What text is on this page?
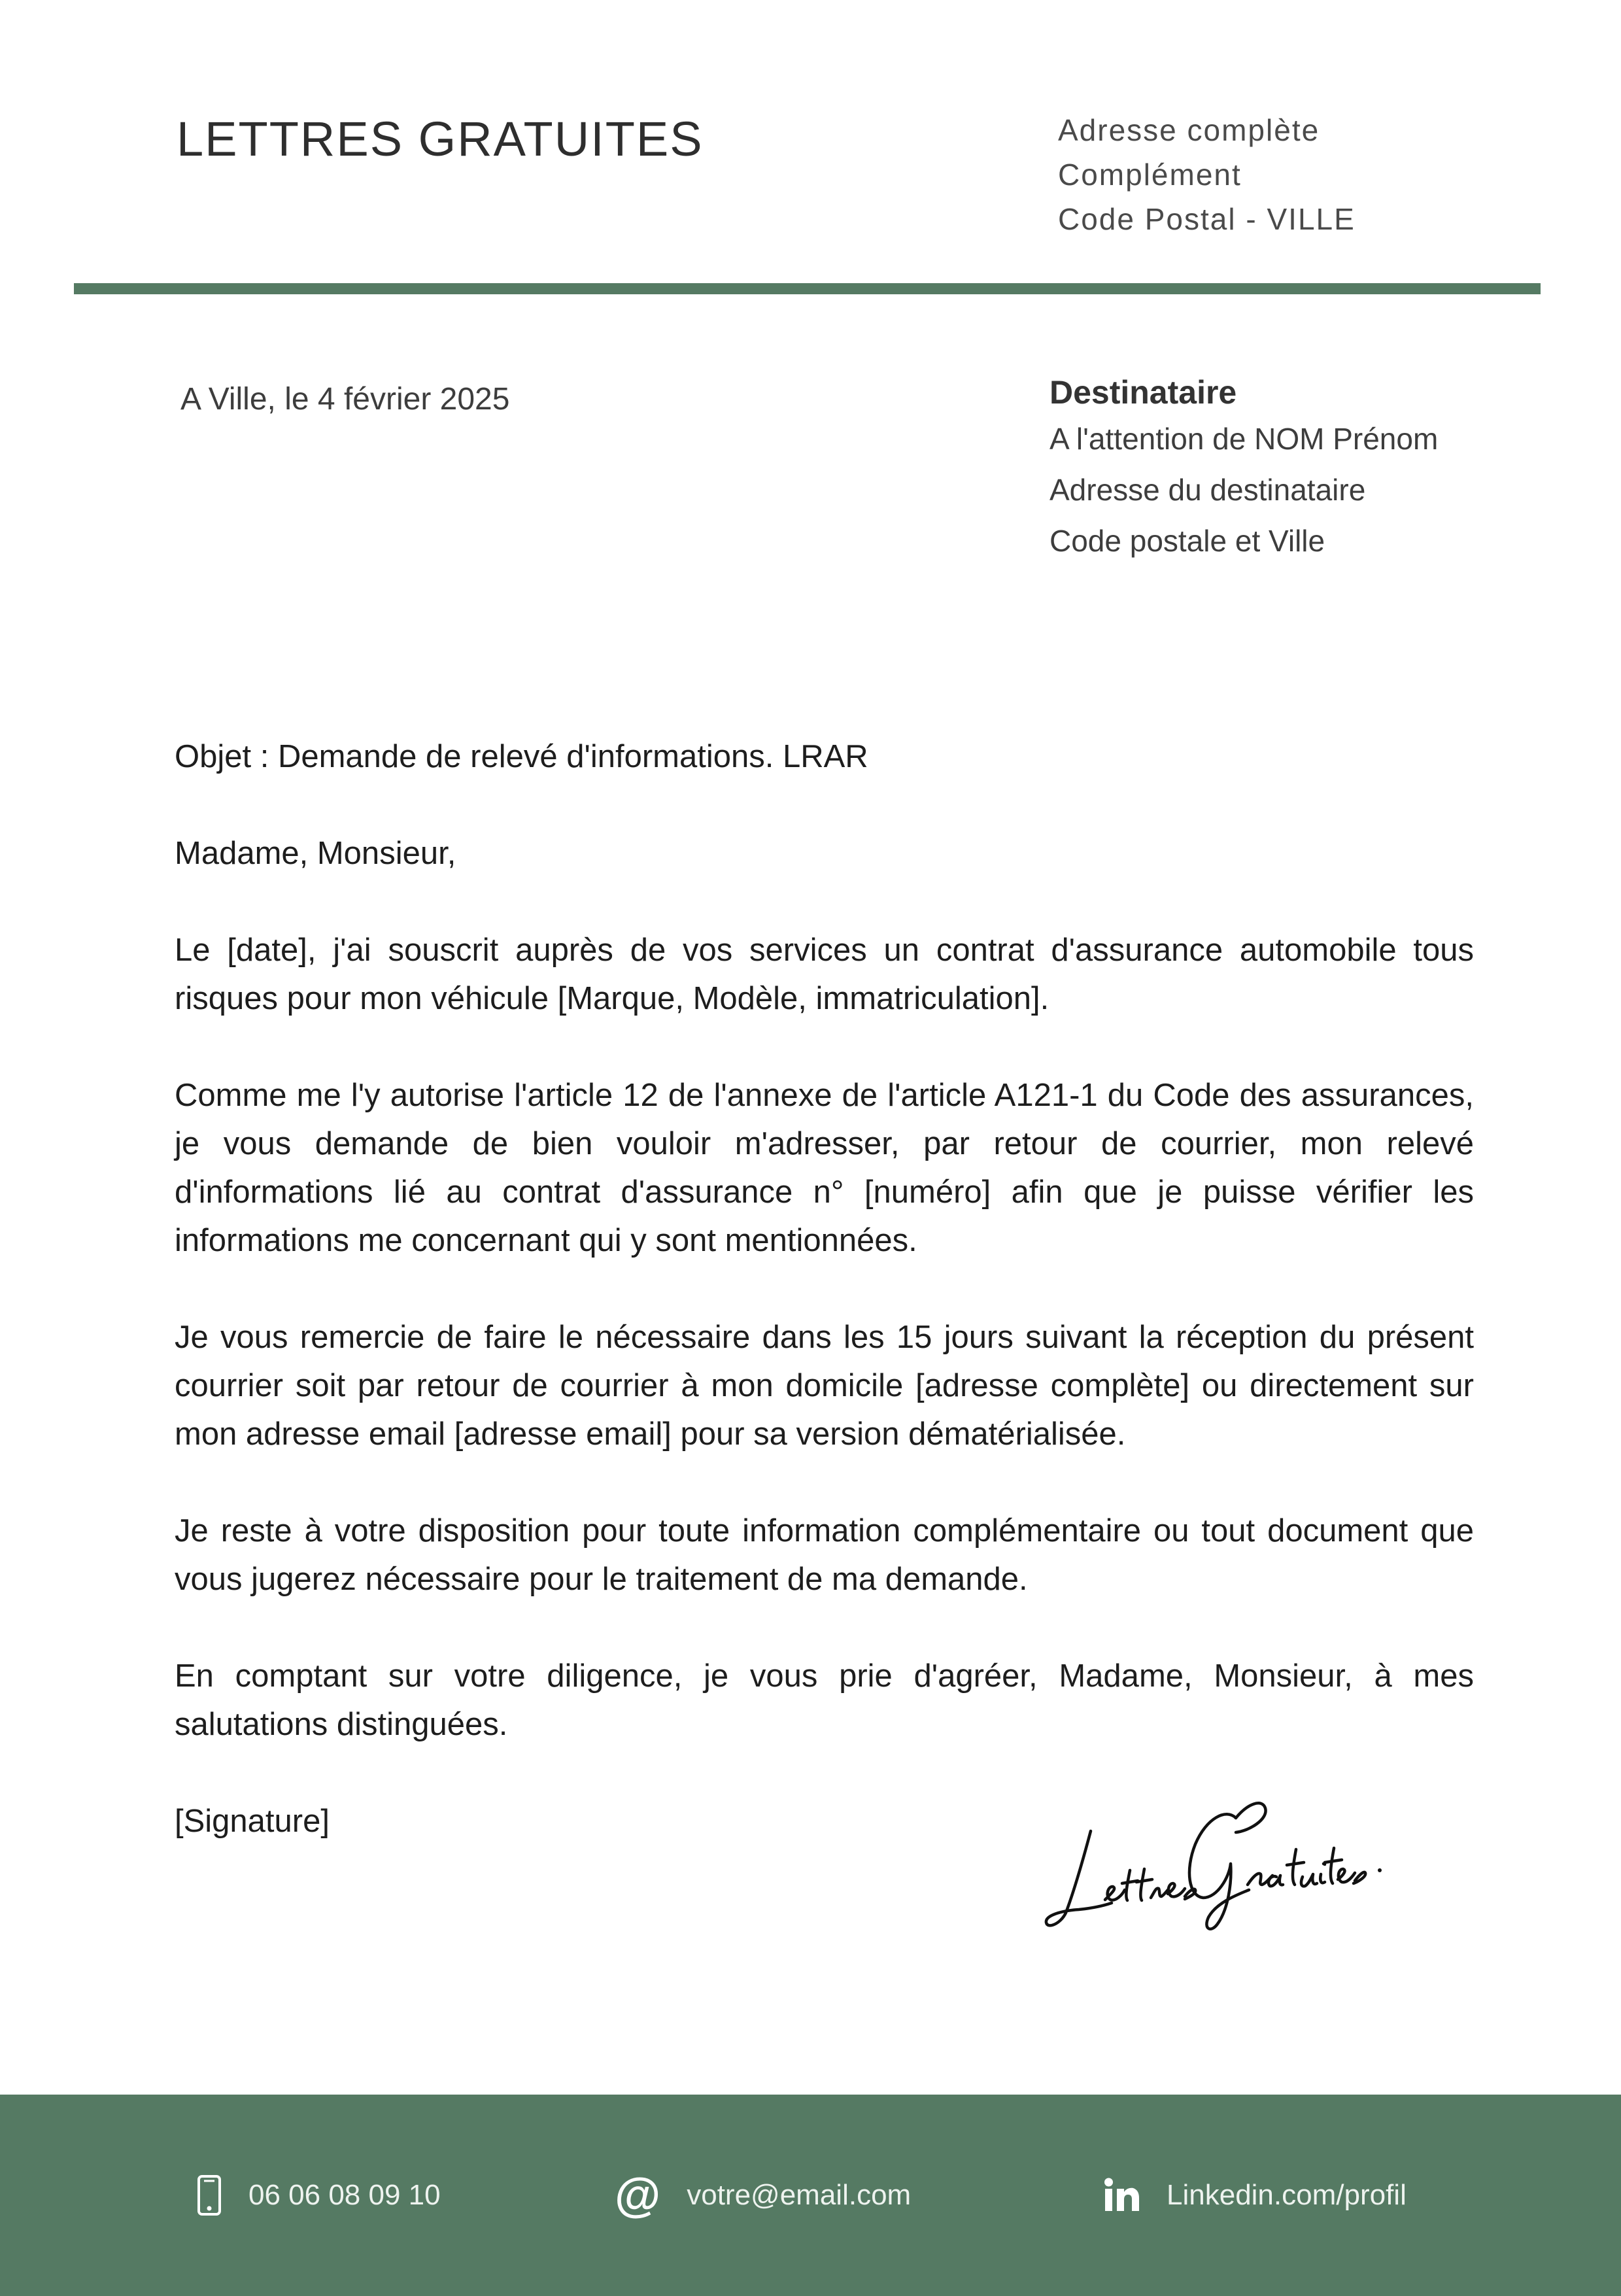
LETTRES GRATUITES	Adresse complète
Complément
Code Postal - VILLE
A Ville, le 4 février 2025	Destinataire
A l'attention de NOM Prénom
Adresse du destinataire
Code postale et Ville

Objet : Demande de relevé d'informations. LRAR

Madame, Monsieur,

Le [date], j'ai souscrit auprès de vos services un contrat d'assurance automobile tous risques pour mon véhicule [Marque, Modèle, immatriculation].

Comme me l'y autorise l'article 12 de l'annexe de l'article A121-1 du Code des assurances, je vous demande de bien vouloir m'adresser, par retour de courrier, mon relevé d'informations lié au contrat d'assurance n° [numéro] afin que je puisse vérifier les informations me concernant qui y sont mentionnées.

Je vous remercie de faire le nécessaire dans les 15 jours suivant la réception du présent courrier soit par retour de courrier à mon domicile [adresse complète] ou directement sur mon adresse email [adresse email] pour sa version dématérialisée.

Je reste à votre disposition pour toute information complémentaire ou tout document que vous jugerez nécessaire pour le traitement de ma demande.

En comptant sur votre diligence, je vous prie d'agréer, Madame, Monsieur, à mes salutations distinguées.

[Signature]

06 06 08 09 10	@ votre@email.com	Linkedin.com/profil
